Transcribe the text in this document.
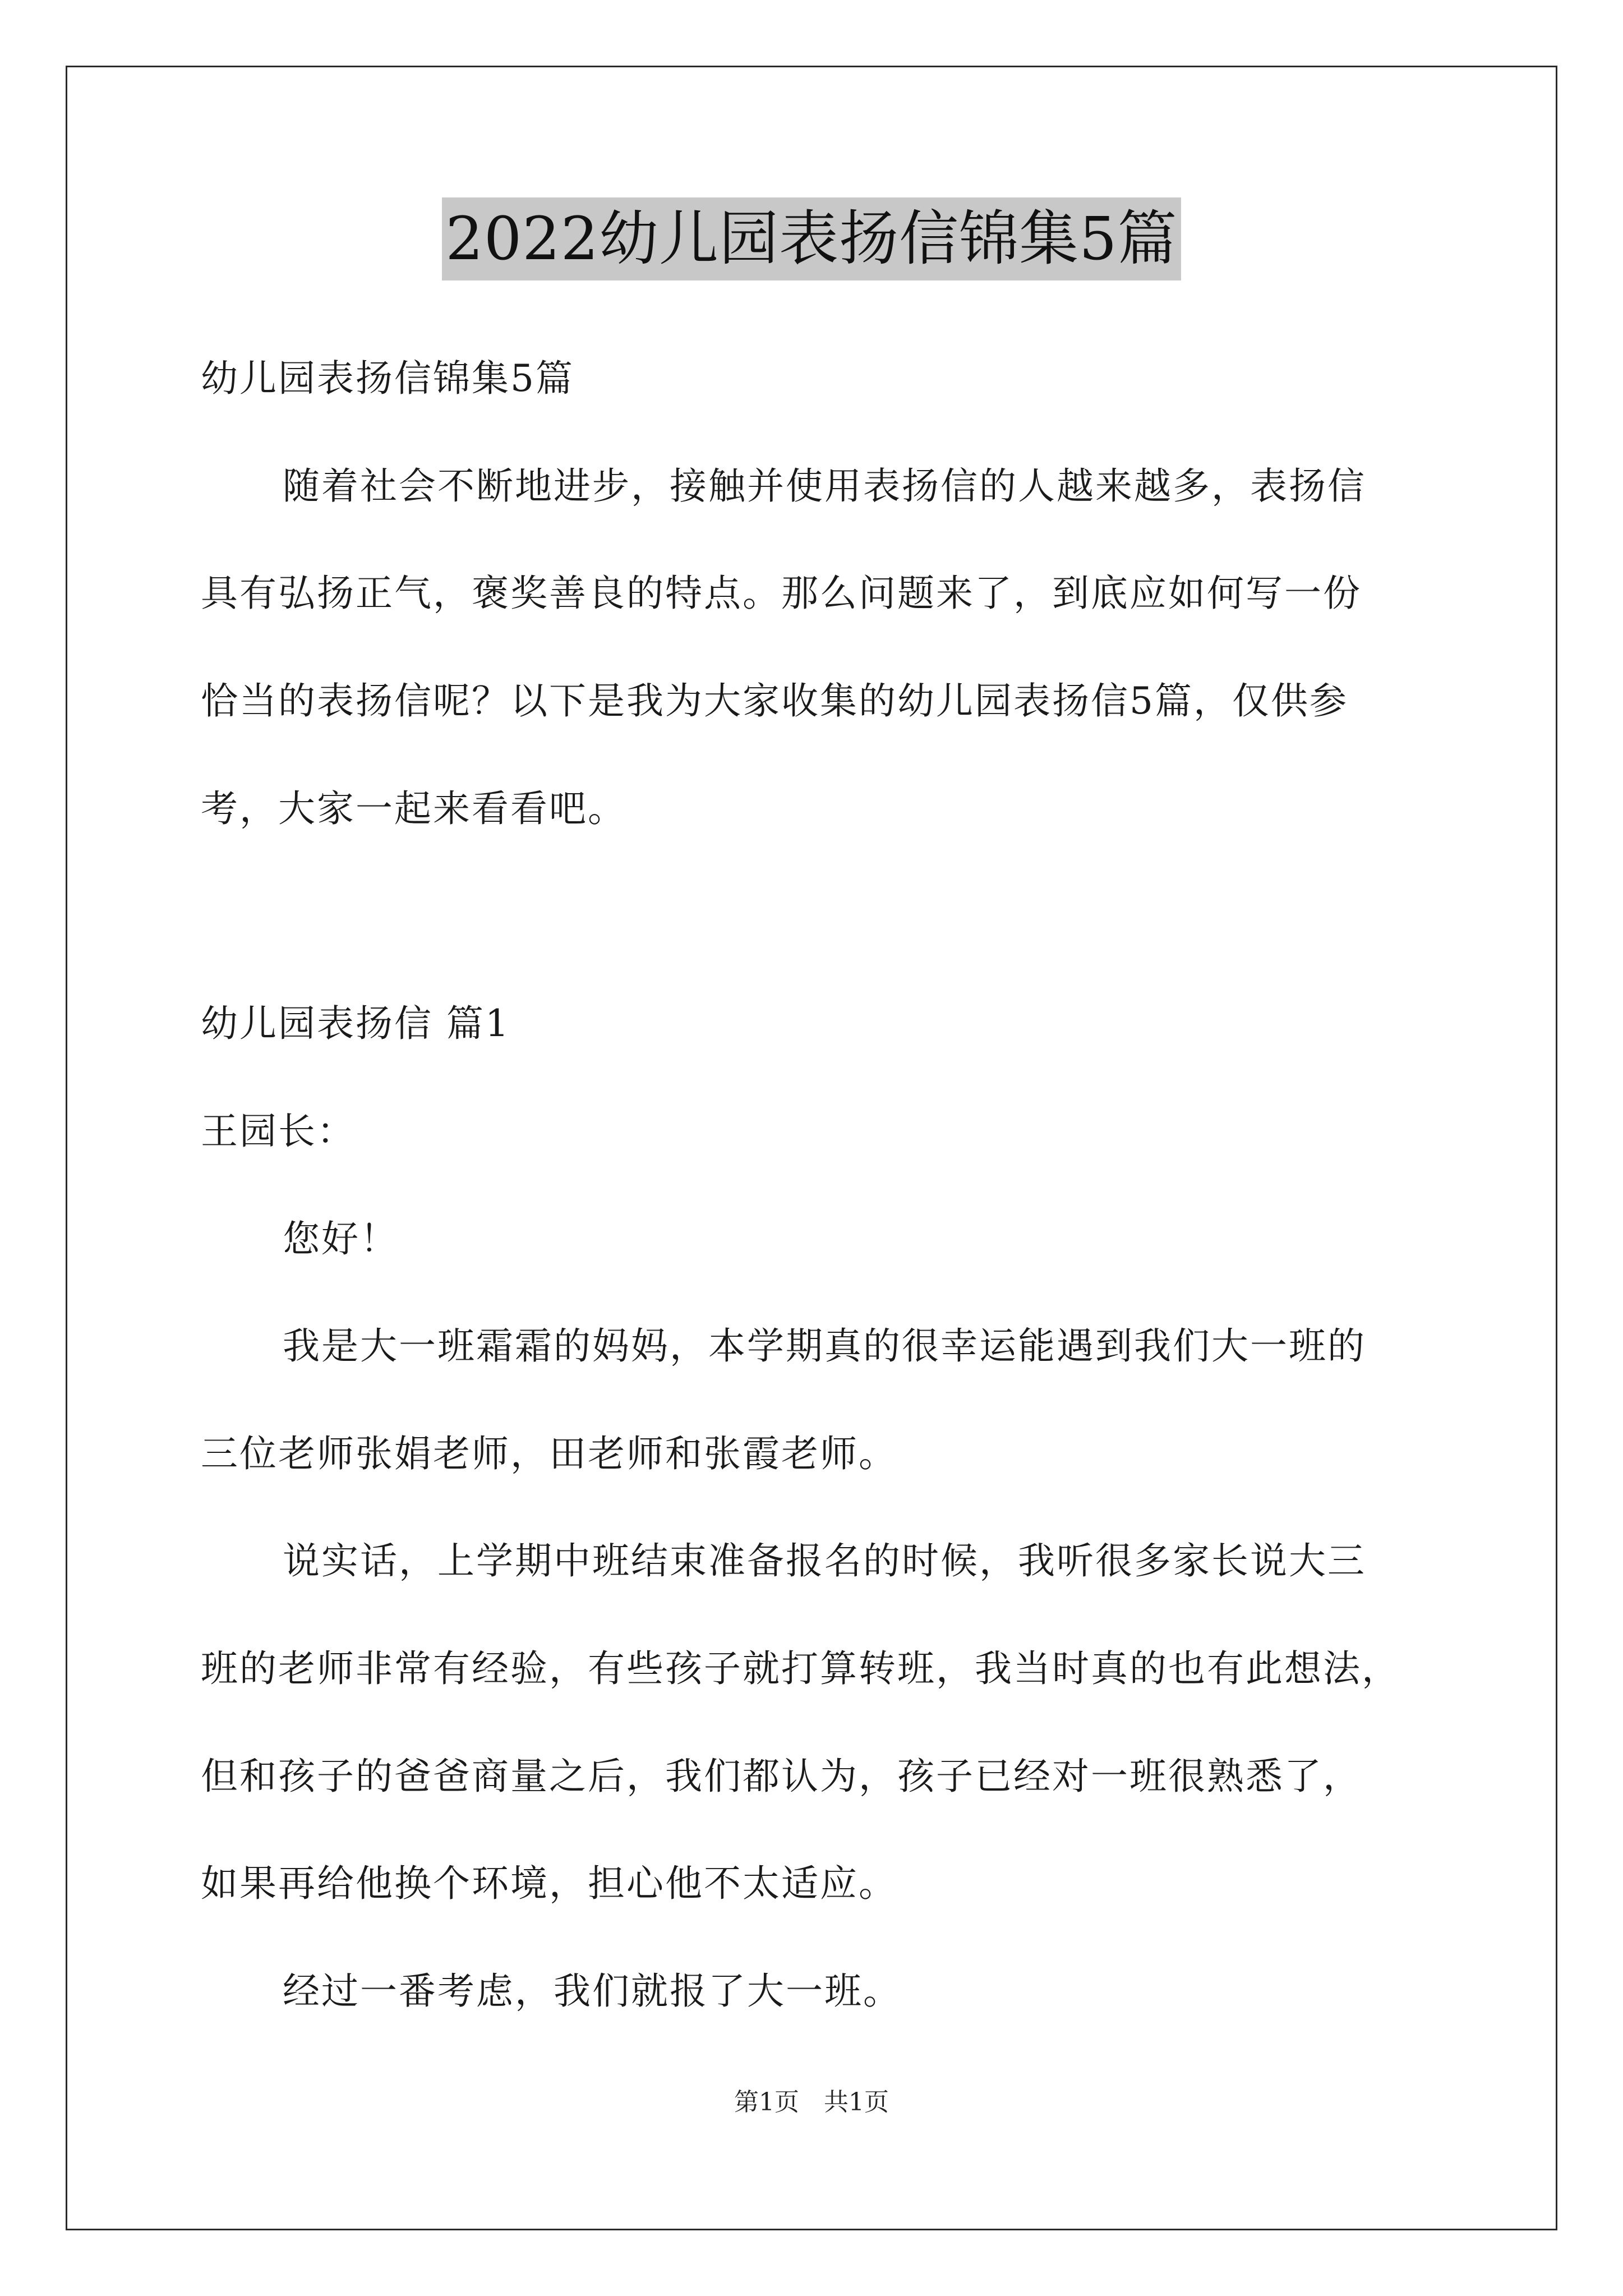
2022幼儿园表扬信锦集5篇
幼儿园表扬信锦集5篇
随着社会不断地进步，接触并使用表扬信的人越来越多，表扬信
具有弘扬正气，褒奖善良的特点。那么问题来了，到底应如何写一份
恰当的表扬信呢？以下是我为大家收集的幼儿园表扬信5篇，仅供参
考，大家一起来看看吧。
幼儿园表扬信 篇1
王园长：
您好！
我是大一班霜霜的妈妈，本学期真的很幸运能遇到我们大一班的
三位老师张娟老师，田老师和张霞老师。
说实话，上学期中班结束准备报名的时候，我听很多家长说大三
班的老师非常有经验，有些孩子就打算转班，我当时真的也有此想法，
但和孩子的爸爸商量之后，我们都认为，孩子已经对一班很熟悉了，
如果再给他换个环境，担心他不太适应。
经过一番考虑，我们就报了大一班。
第1页　共1页
